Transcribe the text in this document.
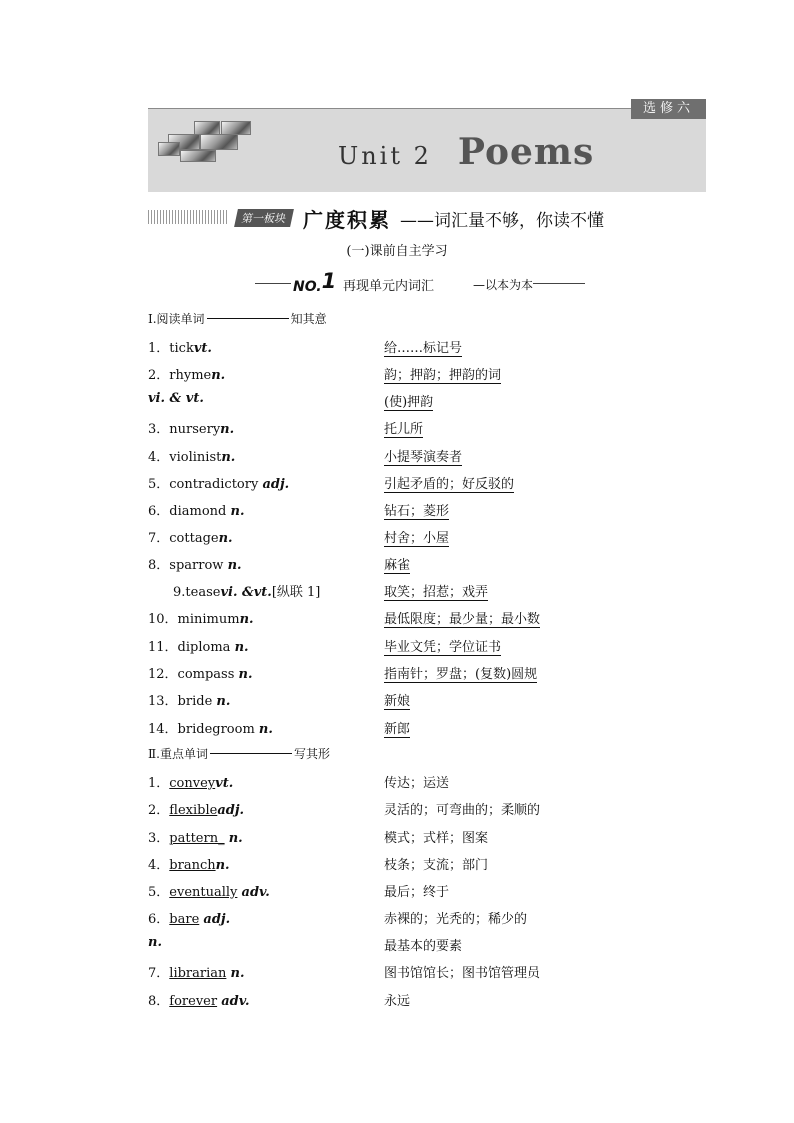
选修六
Unit 2 Poems
第一板块 广度积累 ——词汇量不够，你读不懂
(一)课前自主学习
NO.1 再现单元内词汇	—以本为本
Ⅰ.阅读单词	知其意
1．tickvt.	给……标记号
2．rhymen.	韵；押韵；押韵的词
vi. & vt.	(使)押韵
3．nurseryn.	托儿所
4．violinistn.	小提琴演奏者
5．contradictory adj.	引起矛盾的；好反驳的
6．diamond n.	钻石；菱形
7．cottagen.	村舍；小屋
8．sparrow n.	麻雀
9.teasevi. &vt.[纵联 1]	取笑；招惹；戏弄
10．minimumn.	最低限度；最少量；最小数
11．diploma n.	毕业文凭；学位证书
12．compass n.	指南针；罗盘；(复数)圆规
13．bride n.	新娘
14．bridegroom n.	新郎
Ⅱ.重点单词	写其形
1．conveyvt.	传达；运送
2．flexibleadj.	灵活的；可弯曲的；柔顺的
3．pattern_ n.	模式；式样；图案
4．branchn.	枝条；支流；部门
5．eventually adv.	最后；终于
6．bare adj.	赤裸的；光秃的；稀少的
n.	最基本的要素
7．librarian n.	图书馆馆长；图书馆管理员
8．forever adv.	永远
